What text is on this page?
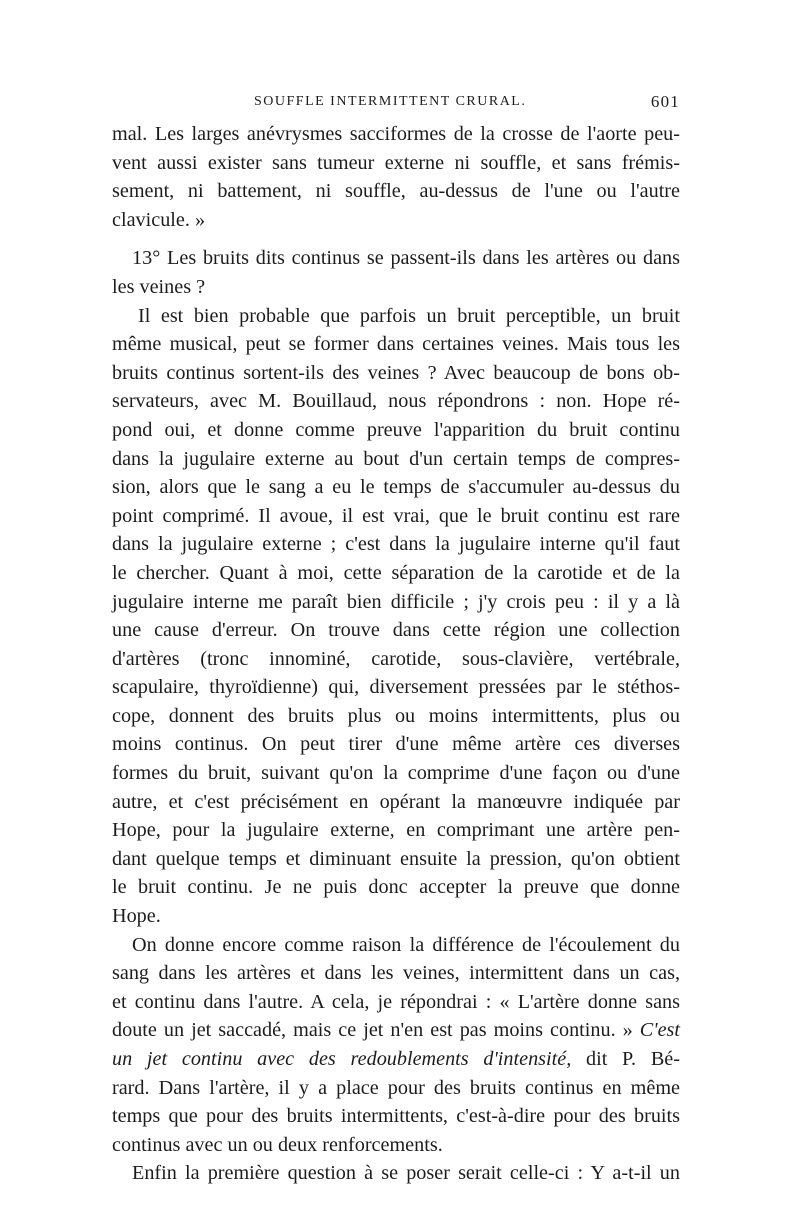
SOUFFLE INTERMITTENT CRURAL.	601
mal. Les larges anévrysmes sacciformes de la crosse de l'aorte peu-
vent aussi exister sans tumeur externe ni souffle, et sans frémis-
sement, ni battement, ni souffle, au-dessus de l'une ou l'autre
clavicule. »
13° Les bruits dits continus se passent-ils dans les artères ou dans
les veines ?
Il est bien probable que parfois un bruit perceptible, un bruit
même musical, peut se former dans certaines veines. Mais tous les
bruits continus sortent-ils des veines ? Avec beaucoup de bons ob-
servateurs, avec M. Bouillaud, nous répondrons : non. Hope ré-
pond oui, et donne comme preuve l'apparition du bruit continu
dans la jugulaire externe au bout d'un certain temps de compres-
sion, alors que le sang a eu le temps de s'accumuler au-dessus du
point comprimé. Il avoue, il est vrai, que le bruit continu est rare
dans la jugulaire externe ; c'est dans la jugulaire interne qu'il faut
le chercher. Quant à moi, cette séparation de la carotide et de la
jugulaire interne me paraît bien difficile ; j'y crois peu : il y a là
une cause d'erreur. On trouve dans cette région une collection
d'artères (tronc innominé, carotide, sous-clavière, vertébrale,
scapulaire, thyroïdienne) qui, diversement pressées par le stéthos-
cope, donnent des bruits plus ou moins intermittents, plus ou
moins continus. On peut tirer d'une même artère ces diverses
formes du bruit, suivant qu'on la comprime d'une façon ou d'une
autre, et c'est précisément en opérant la manœuvre indiquée par
Hope, pour la jugulaire externe, en comprimant une artère pen-
dant quelque temps et diminuant ensuite la pression, qu'on obtient
le bruit continu. Je ne puis donc accepter la preuve que donne
Hope.
On donne encore comme raison la différence de l'écoulement du
sang dans les artères et dans les veines, intermittent dans un cas,
et continu dans l'autre. A cela, je répondrai : « L'artère donne sans
doute un jet saccadé, mais ce jet n'en est pas moins continu. » C'est
un jet continu avec des redoublements d'intensité, dit P. Bé-
rard. Dans l'artère, il y a place pour des bruits continus en même
temps que pour des bruits intermittents, c'est-à-dire pour des bruits
continus avec un ou deux renforcements.
Enfin la première question à se poser serait celle-ci : Y a-t-il un
